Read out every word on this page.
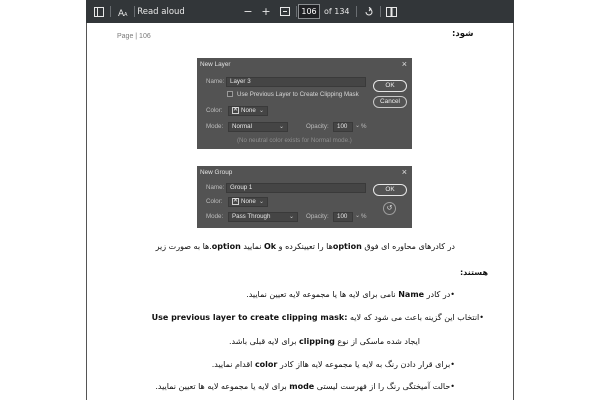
A A Read aloud	− +	106 of 134
Page | 106	شود:
New Layer	×
Name: Layer 3
Use Previous Layer to Create Clipping Mask
Color:	✕ None ⌄
Mode:	Normal	⌄	Opacity:	100	⌄ %
(No neutral color exists for Normal mode.)
OK
Cancel
New Group	×
Name: Group 1
Color:	✕ None ⌄
Mode:	Pass Through	⌄ Opacity:	100	⌄ %
OK
↺
در کادرهای محاوره ای فوق optionها را تعیینکرده و Ok نمایید option.ها به صورت زیر
هستند:
•در کادر Name نامی برای لایه ها یا مجموعه لایه تعیین نمایید.
•انتخاب این گزینه باعث می شود که لایه :Use previous layer to create clipping mask
ایجاد شده ماسکی از نوع clipping برای لایه قبلی باشد.
•برای قرار دادن رنگ به لایه یا مجموعه لایه هااز کادر color اقدام نمایید.
•حالت آمیختگی رنگ را از فهرست لیستی mode برای لایه یا مجموعه لایه ها تعیین نمایید.
